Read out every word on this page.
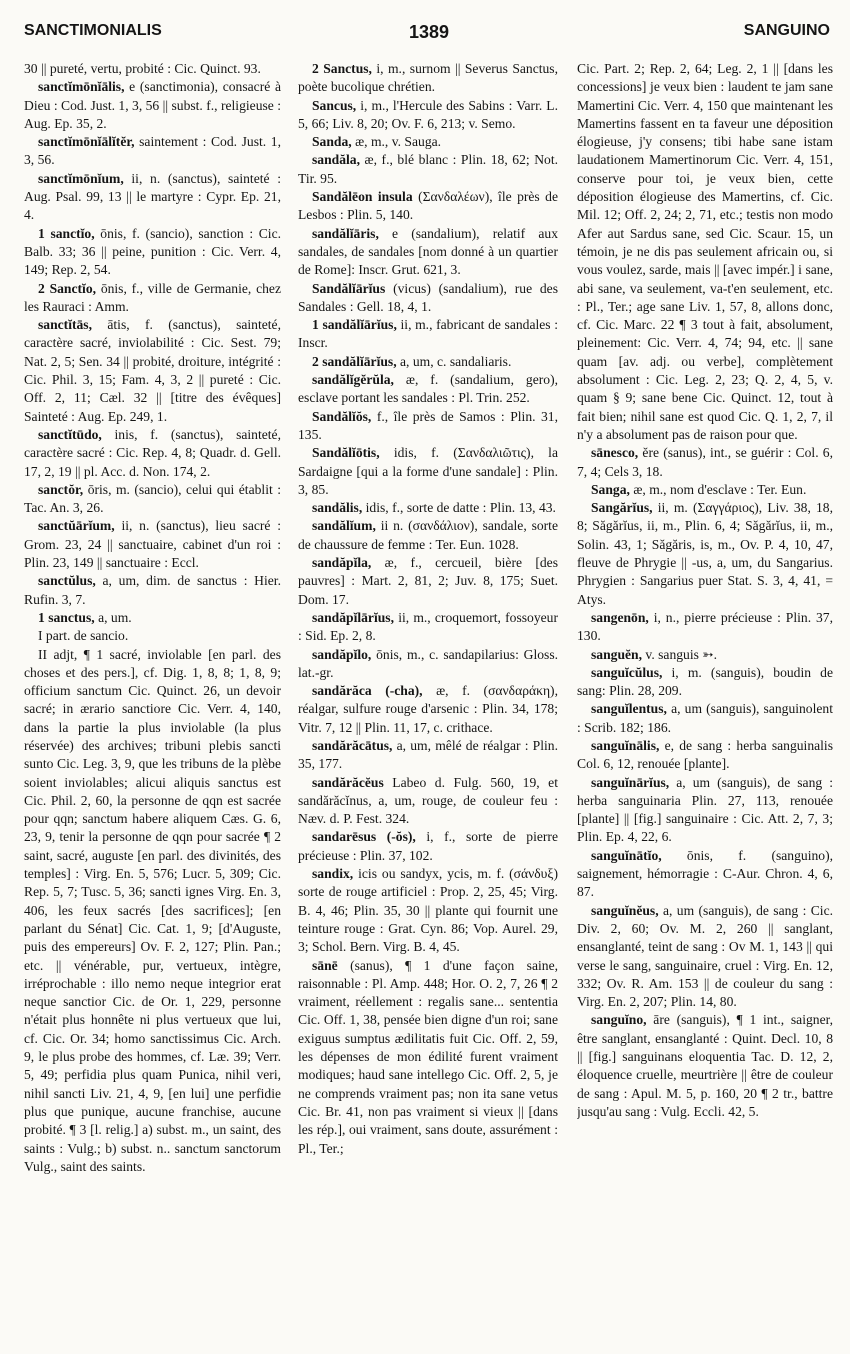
SANCTIMONIALIS	1389	SANGUINO

30 || pureté, vertu, probité : Cic. Quinct. 93.

sanctĭmōnĭālis, e (sanctimonia), consacré à Dieu : Cod. Just. 1, 3, 56 || subst. f., religieuse : Aug. Ep. 35, 2.

sanctĭmōnĭālĭtĕr, saintement : Cod. Just. 1, 3, 56.

sanctĭmōnĭum, ii, n. (sanctus), sainteté : Aug. Psal. 99, 13 || le martyre : Cypr. Ep. 21, 4.

1 sanctĭo, ōnis, f. (sancio), sanction : Cic. Balb. 33; 36 || peine, punition : Cic. Verr. 4, 149; Rep. 2, 54.

2 Sanctĭo, ōnis, f., ville de Germanie, chez les Rauraci : Amm.

sanctĭtās, ātis, f. (sanctus), sainteté, caractère sacré, inviolabilité : Cic. Sest. 79; Nat. 2, 5; Sen. 34 || probité, droiture, intégrité : Cic. Phil. 3, 15; Fam. 4, 3, 2 || pureté : Cic. Off. 2, 11; Cæl. 32 || [titre des évêques] Sainteté : Aug. Ep. 249, 1.

sanctĭtūdo, inis, f. (sanctus), sainteté, caractère sacré : Cic. Rep. 4, 8; Quadr. d. Gell. 17, 2, 19 || pl. Acc. d. Non. 174, 2.

sanctŏr, ōris, m. (sancio), celui qui établit : Tac. An. 3, 26.

sanctŭārĭum, ii, n. (sanctus), lieu sacré : Grom. 23, 24 || sanctuaire, cabinet d'un roi : Plin. 23, 149 || sanctuaire : Eccl.

sanctŭlus, a, um, dim. de sanctus : Hier. Rufin. 3, 7.

1 sanctus, a, um.

I part. de sancio.

II adjt, ¶ 1 sacré, inviolable [en parl. des choses et des pers.], cf. Dig. 1, 8, 8; 1, 8, 9; officium sanctum Cic. Quinct. 26, un devoir sacré; in ærario sanctiore Cic. Verr. 4, 140, dans la partie la plus inviolable (la plus réservée) des archives; tribuni plebis sancti sunto Cic. Leg. 3, 9, que les tribuns de la plèbe soient inviolables; alicui aliquis sanctus est Cic. Phil. 2, 60, la personne de qqn est sacrée pour qqn; sanctum habere aliquem Cæs. G. 6, 23, 9, tenir la personne de qqn pour sacrée ¶ 2 saint, sacré, auguste [en parl. des divinités, des temples] : Virg. En. 5, 576; Lucr. 5, 309; Cic. Rep. 5, 7; Tusc. 5, 36; sancti ignes Virg. En. 3, 406, les feux sacrés [des sacrifices]; [en parlant du Sénat] Cic. Cat. 1, 9; [d'Auguste, puis des empereurs] Ov. F. 2, 127; Plin. Pan.; etc. || vénérable, pur, vertueux, intègre, irréprochable : illo nemo neque integrior erat neque sanctior Cic. de Or. 1, 229, personne n'était plus honnête ni plus vertueux que lui, cf. Cic. Or. 34; homo sanctissimus Cic. Arch. 9, le plus probe des hommes, cf. Læ. 39; Verr. 5, 49; perfidia plus quam Punica, nihil veri, nihil sancti Liv. 21, 4, 9, [en lui] une perfidie plus que punique, aucune franchise, aucune probité. ¶ 3 [l. relig.] a) subst. m., un saint, des saints : Vulg.; b) subst. n.. sanctum sanctorum Vulg., saint des saints.

2 Sanctus, i, m., surnom || Severus Sanctus, poète bucolique chrétien.

Sancus, i, m., l'Hercule des Sabins : Varr. L. 5, 66; Liv. 8, 20; Ov. F. 6, 213; v. Semo.

Sanda, æ, m., v. Sauga.

sandăla, æ, f., blé blanc : Plin. 18, 62; Not. Tir. 95.

Sandălēon insula (Σανδαλέων), île près de Lesbos : Plin. 5, 140.

sandălĭāris, e (sandalium), relatif aux sandales, de sandales [nom donné à un quartier de Rome]: Inscr. Grut. 621, 3.

Sandălĭārĭus (vicus) (sandalium), rue des Sandales : Gell. 18, 4, 1.

1 sandălĭārĭus, ii, m., fabricant de sandales : Inscr.

2 sandălĭārĭus, a, um, c. sandaliaris.

sandălĭgĕrŭla, æ, f. (sandalium, gero), esclave portant les sandales : Pl. Trin. 252.

Sandălĭŏs, f., île près de Samos : Plin. 31, 135.

Sandălĭōtis, idis, f. (Σανδαλιῶτις), la Sardaigne [qui a la forme d'une sandale] : Plin. 3, 85.

sandălis, idis, f., sorte de datte : Plin. 13, 43.

sandălĭum, ii n. (σανδάλιον), sandale, sorte de chaussure de femme : Ter. Eun. 1028.

sandăpĭla, æ, f., cercueil, bière [des pauvres] : Mart. 2, 81, 2; Juv. 8, 175; Suet. Dom. 17.

sandăpĭlārĭus, ii, m., croquemort, fossoyeur : Sid. Ep. 2, 8.

sandăpĭlo, ōnis, m., c. sandapilarius: Gloss. lat.-gr.

sandărăca (-cha), æ, f. (σανδαράκη), réalgar, sulfure rouge d'arsenic : Plin. 34, 178; Vitr. 7, 12 || Plin. 11, 17, c. crithace.

sandărăcātus, a, um, mêlé de réalgar : Plin. 35, 177.

sandărăcĕus Labeo d. Fulg. 560, 19, et sandărăcĭnus, a, um, rouge, de couleur feu : Næv. d. P. Fest. 324.

sandarēsus (-ŏs), i, f., sorte de pierre précieuse : Plin. 37, 102.

sandix, icis ou sandyx, ycis, m. f. (σάνδυξ) sorte de rouge artificiel : Prop. 2, 25, 45; Virg. B. 4, 46; Plin. 35, 30 || plante qui fournit une teinture rouge : Grat. Cyn. 86; Vop. Aurel. 29, 3; Schol. Bern. Virg. B. 4, 45.

sānē (sanus), ¶ 1 d'une façon saine, raisonnable : Pl. Amp. 448; Hor. O. 2, 7, 26 ¶ 2 vraiment, réellement : regalis sane... sententia Cic. Off. 1, 38, pensée bien digne d'un roi; sane exiguus sumptus ædilitatis fuit Cic. Off. 2, 59, les dépenses de mon édilité furent vraiment modiques; haud sane intellego Cic. Off. 2, 5, je ne comprends vraiment pas; non ita sane vetus Cic. Br. 41, non pas vraiment si vieux || [dans les rép.], oui vraiment, sans doute, assurément : Pl., Ter.;

Cic. Part. 2; Rep. 2, 64; Leg. 2, 1 || [dans les concessions] je veux bien : laudent te jam sane Mamertini Cic. Verr. 4, 150 que maintenant les Mamertins fassent en ta faveur une déposition élogieuse, j'y consens; tibi habe sane istam laudationem Mamertinorum Cic. Verr. 4, 151, conserve pour toi, je veux bien, cette déposition élogieuse des Mamertins, cf. Cic. Mil. 12; Off. 2, 24; 2, 71, etc.; testis non modo Afer aut Sardus sane, sed Cic. Scaur. 15, un témoin, je ne dis pas seulement africain ou, si vous voulez, sarde, mais || [avec impér.] i sane, abi sane, va seulement, va-t'en seulement, etc. : Pl., Ter.; age sane Liv. 1, 57, 8, allons donc, cf. Cic. Marc. 22 ¶ 3 tout à fait, absolument, pleinement: Cic. Verr. 4, 74; 94, etc. || sane quam [av. adj. ou verbe], complètement absolument : Cic. Leg. 2, 23; Q. 2, 4, 5, v. quam § 9; sane bene Cic. Quinct. 12, tout à fait bien; nihil sane est quod Cic. Q. 1, 2, 7, il n'y a absolument pas de raison pour que.

sānesco, ĕre (sanus), int., se guérir : Col. 6, 7, 4; Cels 3, 18.

Sanga, æ, m., nom d'esclave : Ter. Eun.

Sangărĭus, ii, m. (Σαγγάριος), Liv. 38, 18, 8; Săgărĭus, ii, m., Plin. 6, 4; Săgărĭus, ii, m., Solin. 43, 1; Săgăris, is, m., Ov. P. 4, 10, 47, fleuve de Phrygie || -us, a, um, du Sangarius. Phrygien : Sangarius puer Stat. S. 3, 4, 41, = Atys.

sangenōn, i, n., pierre précieuse : Plin. 37, 130.

sanguĕn, v. sanguis ➳.

sanguĭcŭlus, i, m. (sanguis), boudin de sang: Plin. 28, 209.

sanguĭlentus, a, um (sanguis), sanguinolent : Scrib. 182; 186.

sanguĭnālis, e, de sang : herba sanguinalis Col. 6, 12, renouée [plante].

sanguĭnārĭus, a, um (sanguis), de sang : herba sanguinaria Plin. 27, 113, renouée [plante] || [fig.] sanguinaire : Cic. Att. 2, 7, 3; Plin. Ep. 4, 22, 6.

sanguĭnātĭo, ōnis, f. (sanguino), saignement, hémorragie : C-Aur. Chron. 4, 6, 87.

sanguĭnĕus, a, um (sanguis), de sang : Cic. Div. 2, 60; Ov. M. 2, 260 || sanglant, ensanglanté, teint de sang : Ov M. 1, 143 || qui verse le sang, sanguinaire, cruel : Virg. En. 12, 332; Ov. R. Am. 153 || de couleur du sang : Virg. En. 2, 207; Plin. 14, 80.

sanguĭno, āre (sanguis), ¶ 1 int., saigner, être sanglant, ensanglanté : Quint. Decl. 10, 8 || [fig.] sanguinans eloquentia Tac. D. 12, 2, éloquence cruelle, meurtrière || être de couleur de sang : Apul. M. 5, p. 160, 20 ¶ 2 tr., battre jusqu'au sang : Vulg. Eccli. 42, 5.
